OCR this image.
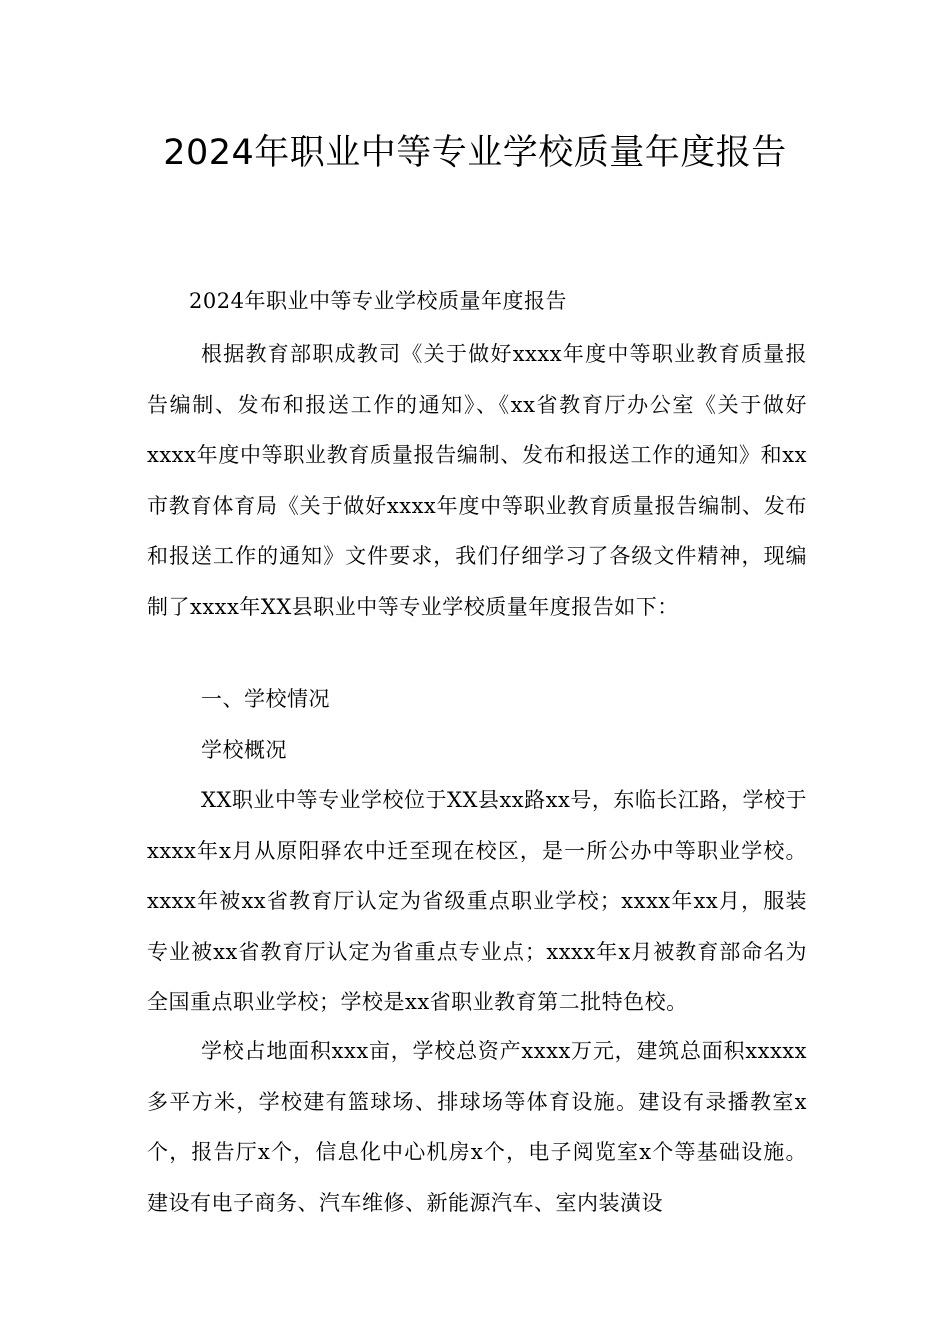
2024年职业中等专业学校质量年度报告

2024年职业中等专业学校质量年度报告

根据教育部职成教司《关于做好xxxx年度中等职业教育质量报告编制、发布和报送工作的通知》、《xx省教育厅办公室《关于做好xxxx年度中等职业教育质量报告编制、发布和报送工作的通知》和xx市教育体育局《关于做好xxxx年度中等职业教育质量报告编制、发布和报送工作的通知》文件要求，我们仔细学习了各级文件精神，现编制了xxxx年XX县职业中等专业学校质量年度报告如下：

一、学校情况

学校概况

XX职业中等专业学校位于XX县xx路xx号，东临长江路，学校于xxxx年x月从原阳驿农中迁至现在校区，是一所公办中等职业学校。xxxx年被xx省教育厅认定为省级重点职业学校；xxxx年xx月，服装专业被xx省教育厅认定为省重点专业点；xxxx年x月被教育部命名为全国重点职业学校；学校是xx省职业教育第二批特色校。

学校占地面积xxx亩，学校总资产xxxx万元，建筑总面积xxxxx多平方米，学校建有篮球场、排球场等体育设施。建设有录播教室x个，报告厅x个，信息化中心机房x个，电子阅览室x个等基础设施。建设有电子商务、汽车维修、新能源汽车、室内装潢设
